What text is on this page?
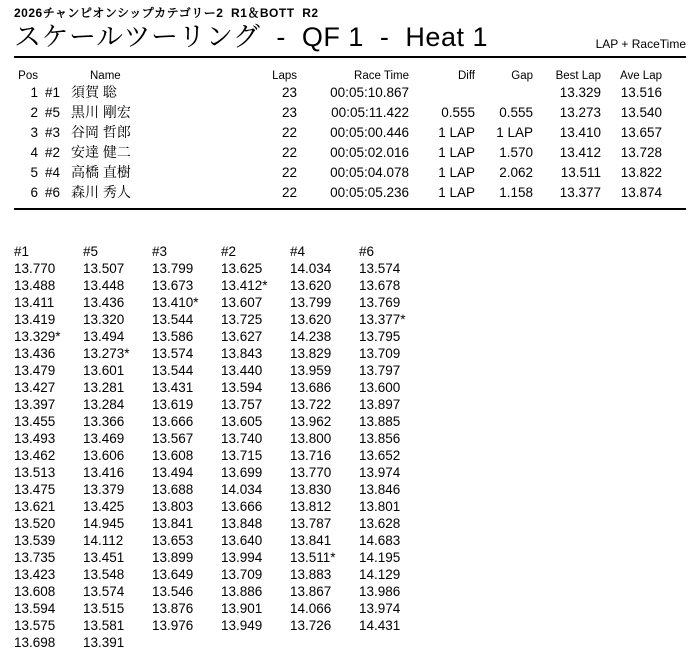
2026チャンピオンシップカテゴリー2  R1＆BOTT  R2
スケールツーリング  -  QF 1  -  Heat 1	LAP + RaceTime
Pos		Name	Laps	Race Time	Diff	Gap	Best Lap	Ave Lap
1	#1	須賀 聡	23	00:05:10.867			13.329	13.516
2	#5	黒川 剛宏	23	00:05:11.422	0.555	0.555	13.273	13.540
3	#3	谷岡 哲郎	22	00:05:00.446	1 LAP	1 LAP	13.410	13.657
4	#2	安達 健二	22	00:05:02.016	1 LAP	1.570	13.412	13.728
5	#4	高橋 直樹	22	00:05:04.078	1 LAP	2.062	13.511	13.822
6	#6	森川 秀人	22	00:05:05.236	1 LAP	1.158	13.377	13.874
#1	#5	#3	#2	#4	#6
13.770	13.507	13.799	13.625	14.034	13.574
13.488	13.448	13.673	13.412*	13.620	13.678
13.411	13.436	13.410*	13.607	13.799	13.769
13.419	13.320	13.544	13.725	13.620	13.377*
13.329*	13.494	13.586	13.627	14.238	13.795
13.436	13.273*	13.574	13.843	13.829	13.709
13.479	13.601	13.544	13.440	13.959	13.797
13.427	13.281	13.431	13.594	13.686	13.600
13.397	13.284	13.619	13.757	13.722	13.897
13.455	13.366	13.666	13.605	13.962	13.885
13.493	13.469	13.567	13.740	13.800	13.856
13.462	13.606	13.608	13.715	13.716	13.652
13.513	13.416	13.494	13.699	13.770	13.974
13.475	13.379	13.688	14.034	13.830	13.846
13.621	13.425	13.803	13.666	13.812	13.801
13.520	14.945	13.841	13.848	13.787	13.628
13.539	14.112	13.653	13.640	13.841	14.683
13.735	13.451	13.899	13.994	13.511*	14.195
13.423	13.548	13.649	13.709	13.883	14.129
13.608	13.574	13.546	13.886	13.867	13.986
13.594	13.515	13.876	13.901	14.066	13.974
13.575	13.581	13.976	13.949	13.726	14.431
13.698	13.391				
